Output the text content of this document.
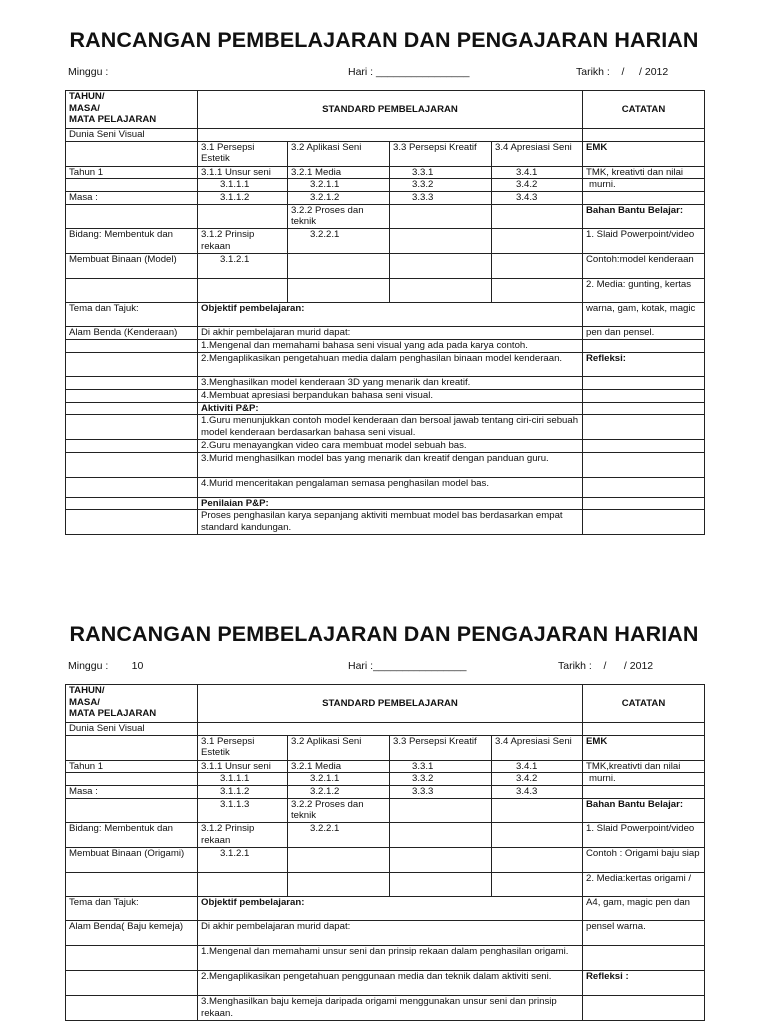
RANCANGAN PEMBELAJARAN DAN PENGAJARAN HARIAN
Minggu :	Hari : ________________	Tarikh :    /     / 2012
TAHUN/
MASA/
MATA PELAJARAN	STANDARD PEMBELAJARAN				CATATAN
Dunia Seni Visual					
	3.1 Persepsi Estetik	3.2 Aplikasi Seni	3.3 Persepsi Kreatif	3.4 Apresiasi Seni	EMK
Tahun 1	3.1.1 Unsur seni	3.2.1 Media	3.3.1	3.4.1	TMK, kreativti dan nilai
	3.1.1.1	3.2.1.1	3.3.2	3.4.2	murni.
Masa :	3.1.1.2	3.2.1.2	3.3.3	3.4.3	
		3.2.2 Proses dan teknik			Bahan Bantu Belajar:
Bidang: Membentuk dan	3.1.2 Prinsip rekaan	3.2.2.1			1. Slaid Powerpoint/video
Membuat Binaan (Model)	3.1.2.1				Contoh:model kenderaan
					2. Media: gunting, kertas
Tema dan Tajuk:	Objektif pembelajaran:				warna, gam, kotak, magic
Alam Benda (Kenderaan)	Di akhir pembelajaran murid dapat:				pen dan pensel.
	1.Mengenal dan memahami bahasa seni visual yang ada pada karya contoh.				
	2.Mengaplikasikan pengetahuan media dalam penghasilan binaan model kenderaan.				Refleksi:
	3.Menghasilkan model kenderaan 3D yang menarik dan kreatif.				
	4.Membuat apresiasi berpandukan bahasa seni visual.				
	Aktiviti P&P:				
	1.Guru menunjukkan contoh model kenderaan dan bersoal jawab tentang ciri-ciri sebuah model kenderaan berdasarkan bahasa seni visual.				
	2.Guru menayangkan video cara membuat model sebuah bas.				
	3.Murid menghasilkan model bas yang menarik dan kreatif dengan panduan guru.				
	4.Murid menceritakan pengalaman semasa penghasilan model bas.				
	Penilaian P&P:				
	Proses penghasilan karya sepanjang aktiviti membuat model bas berdasarkan empat standard kandungan.				
RANCANGAN PEMBELAJARAN DAN PENGAJARAN HARIAN
Minggu :        10	Hari :________________	Tarikh :    /      / 2012
TAHUN/
MASA/
MATA PELAJARAN	STANDARD PEMBELAJARAN				CATATAN
Dunia Seni Visual					
	3.1 Persepsi Estetik	3.2 Aplikasi Seni	3.3 Persepsi Kreatif	3.4 Apresiasi Seni	EMK
Tahun 1	3.1.1 Unsur seni	3.2.1 Media	3.3.1	3.4.1	TMK,kreativti dan nilai
	3.1.1.1	3.2.1.1	3.3.2	3.4.2	murni.
Masa :	3.1.1.2	3.2.1.2	3.3.3	3.4.3	
	3.1.1.3	3.2.2 Proses dan teknik			Bahan Bantu Belajar:
Bidang: Membentuk dan	3.1.2 Prinsip rekaan	3.2.2.1			1. Slaid Powerpoint/video
Membuat Binaan (Origami)	3.1.2.1				Contoh : Origami baju siap
					2. Media:kertas origami /
Tema dan Tajuk:	Objektif pembelajaran:				A4, gam, magic pen dan
Alam Benda( Baju kemeja)	Di akhir pembelajaran murid dapat:				pensel warna.
	1.Mengenal dan memahami unsur seni dan prinsip rekaan dalam penghasilan origami.				
	2.Mengaplikasikan pengetahuan penggunaan media dan teknik dalam aktiviti seni.				Refleksi :
	3.Menghasilkan baju kemeja daripada origami menggunakan unsur seni dan prinsip rekaan.				
